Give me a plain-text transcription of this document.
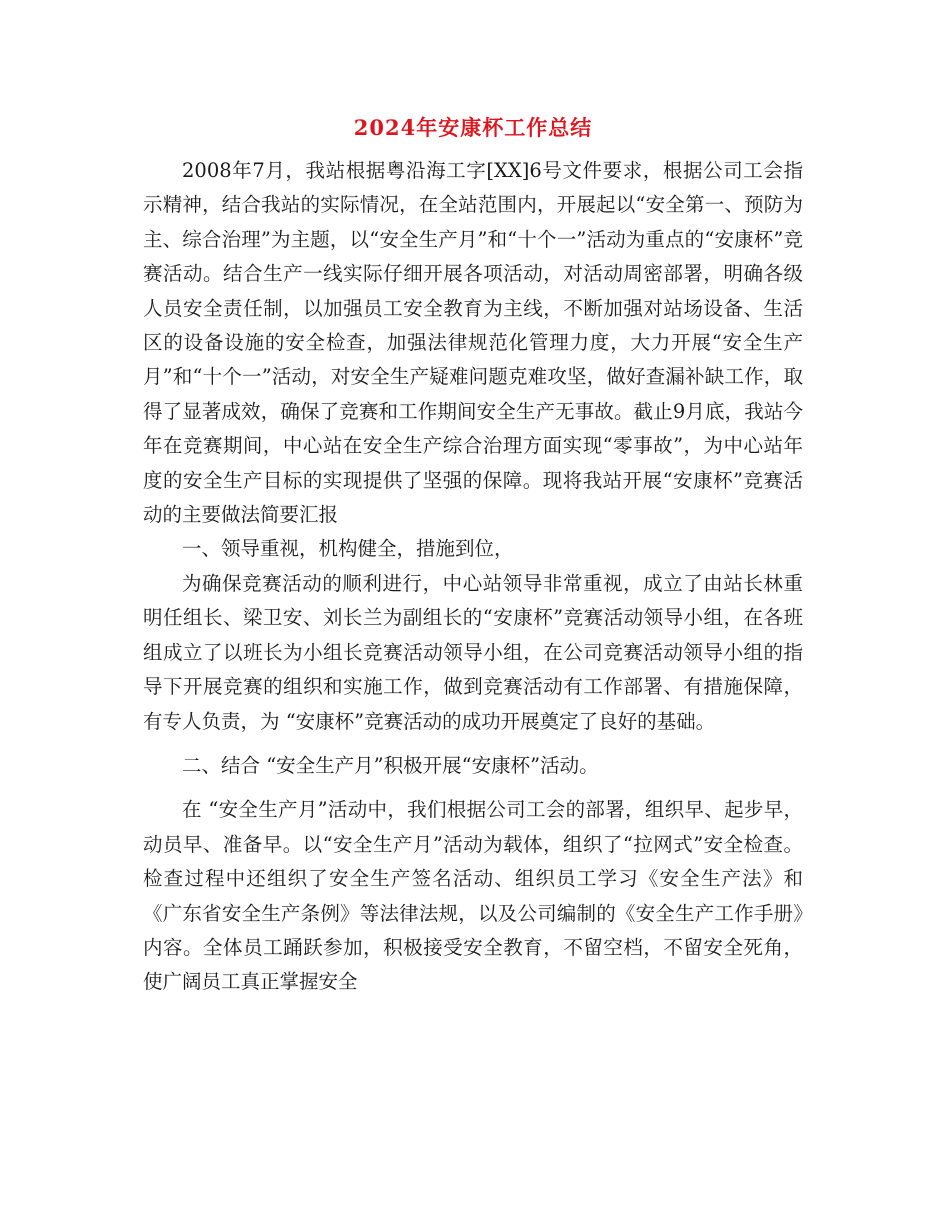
2024年安康杯工作总结

2008年7月，我站根据粤沿海工字[XX]6号文件要求，根据公司工会指示精神，结合我站的实际情况，在全站范围内，开展起以“安全第一、预防为主、综合治理”为主题，以“安全生产月”和“十个一”活动为重点的“安康杯”竞赛活动。结合生产一线实际仔细开展各项活动，对活动周密部署，明确各级人员安全责任制，以加强员工安全教育为主线，不断加强对站场设备、生活区的设备设施的安全检查，加强法律规范化管理力度，大力开展“安全生产月”和“十个一”活动，对安全生产疑难问题克难攻坚，做好查漏补缺工作，取得了显著成效，确保了竞赛和工作期间安全生产无事故。截止9月底，我站今年在竞赛期间，中心站在安全生产综合治理方面实现“零事故”，为中心站年度的安全生产目标的实现提供了坚强的保障。现将我站开展“安康杯”竞赛活动的主要做法简要汇报

一、领导重视，机构健全，措施到位，

为确保竞赛活动的顺利进行，中心站领导非常重视，成立了由站长林重明任组长、梁卫安、刘长兰为副组长的“安康杯”竞赛活动领导小组，在各班组成立了以班长为小组长竞赛活动领导小组，在公司竞赛活动领导小组的指导下开展竞赛的组织和实施工作，做到竞赛活动有工作部署、有措施保障，有专人负责，为 “安康杯”竞赛活动的成功开展奠定了良好的基础。

二、结合 “安全生产月”积极开展“安康杯”活动。

在 “安全生产月”活动中，我们根据公司工会的部署，组织早、起步早，动员早、准备早。以“安全生产月”活动为载体，组织了“拉网式”安全检查。检查过程中还组织了安全生产签名活动、组织员工学习《安全生产法》和《广东省安全生产条例》等法律法规，以及公司编制的《安全生产工作手册》内容。全体员工踊跃参加，积极接受安全教育，不留空档，不留安全死角，使广阔员工真正掌握安全
